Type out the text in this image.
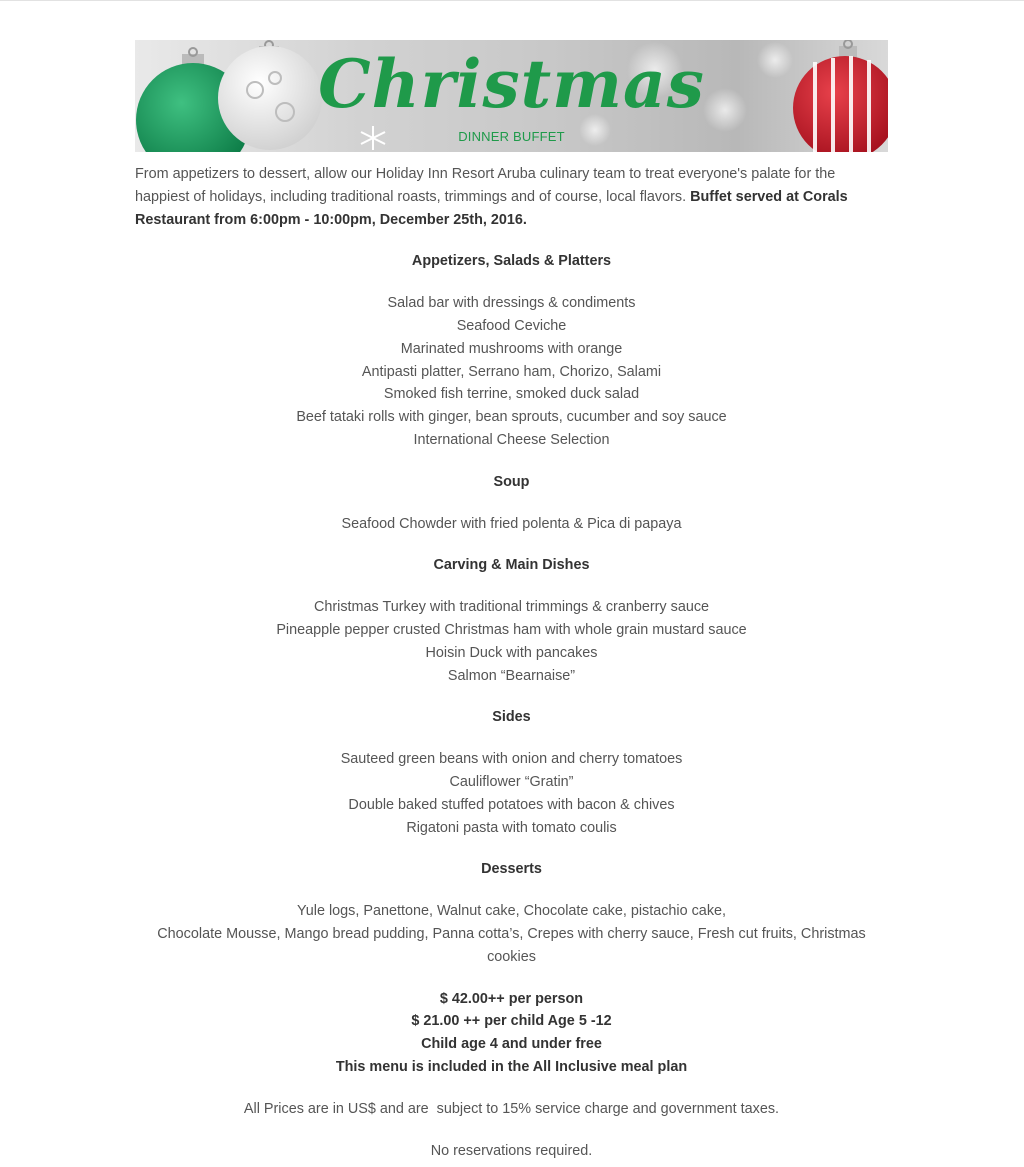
Christmas
DINNER BUFFET

From appetizers to dessert, allow our Holiday Inn Resort Aruba culinary team to treat everyone's palate for the happiest of holidays, including traditional roasts, trimmings and of course, local flavors. Buffet served at Corals Restaurant from 6:00pm - 10:00pm, December 25th, 2016.

Appetizers, Salads & Platters
Salad bar with dressings & condiments
Seafood Ceviche
Marinated mushrooms with orange
Antipasti platter, Serrano ham, Chorizo, Salami
Smoked fish terrine, smoked duck salad
Beef tataki rolls with ginger, bean sprouts, cucumber and soy sauce
International Cheese Selection
Soup
Seafood Chowder with fried polenta & Pica di papaya
Carving & Main Dishes
Christmas Turkey with traditional trimmings & cranberry sauce
Pineapple pepper crusted Christmas ham with whole grain mustard sauce
Hoisin Duck with pancakes
Salmon “Bearnaise”
Sides
Sauteed green beans with onion and cherry tomatoes
Cauliflower “Gratin”
Double baked stuffed potatoes with bacon & chives
Rigatoni pasta with tomato coulis
Desserts
Yule logs, Panettone, Walnut cake, Chocolate cake, pistachio cake,
Chocolate Mousse, Mango bread pudding, Panna cotta’s, Crepes with cherry sauce, Fresh cut fruits, Christmas cookies
$ 42.00++ per person
$ 21.00 ++ per child Age 5 -12
Child age 4 and under free
This menu is included in the All Inclusive meal plan
All Prices are in US$ and are  subject to 15% service charge and government taxes.
No reservations required.
